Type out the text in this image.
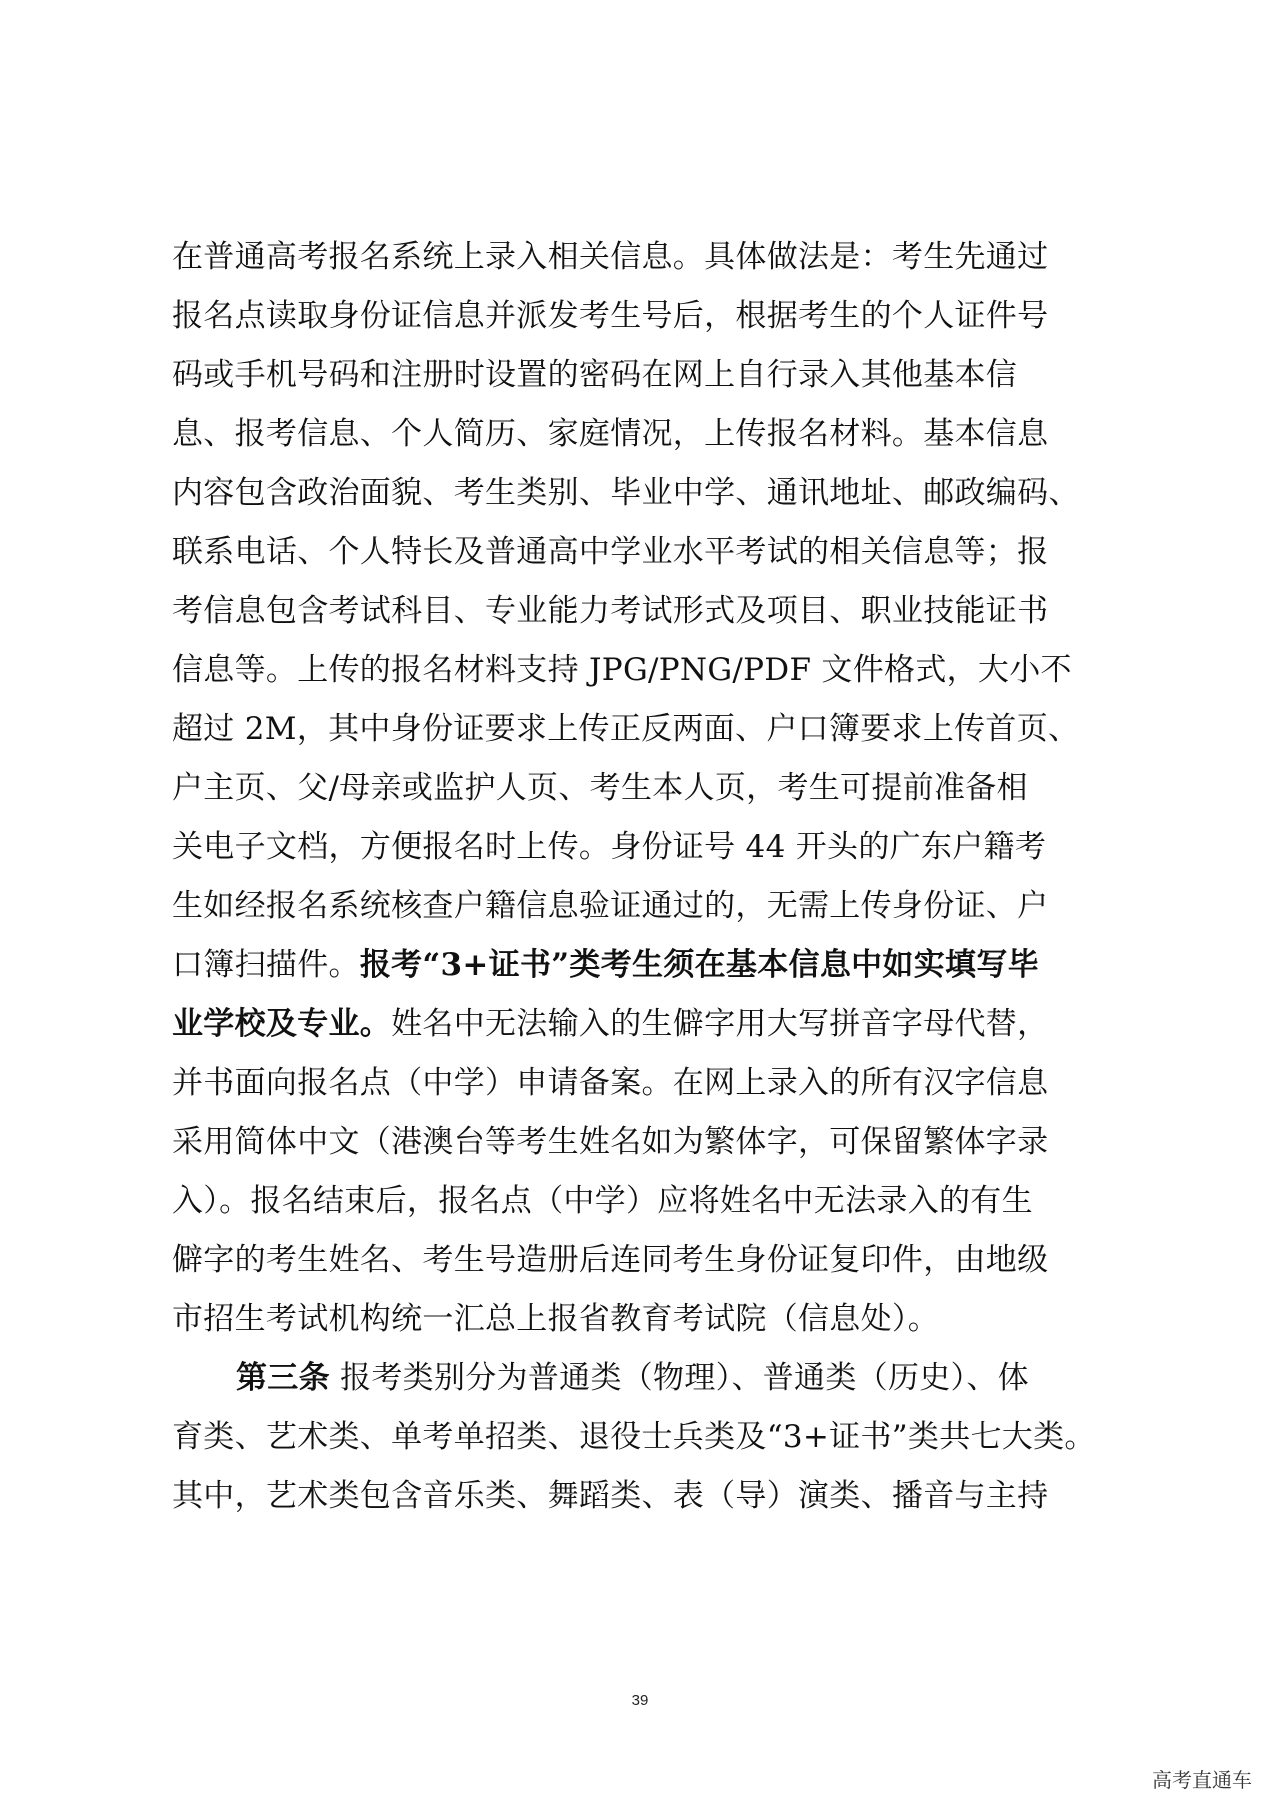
在普通高考报名系统上录入相关信息。具体做法是：考生先通过
报名点读取身份证信息并派发考生号后，根据考生的个人证件号
码或手机号码和注册时设置的密码在网上自行录入其他基本信
息、报考信息、个人简历、家庭情况，上传报名材料。基本信息
内容包含政治面貌、考生类别、毕业中学、通讯地址、邮政编码、
联系电话、个人特长及普通高中学业水平考试的相关信息等；报
考信息包含考试科目、专业能力考试形式及项目、职业技能证书
信息等。上传的报名材料支持 JPG/PNG/PDF 文件格式，大小不
超过 2M，其中身份证要求上传正反两面、户口簿要求上传首页、
户主页、父/母亲或监护人页、考生本人页，考生可提前准备相
关电子文档，方便报名时上传。身份证号 44 开头的广东户籍考
生如经报名系统核查户籍信息验证通过的，无需上传身份证、户
口簿扫描件。报考“3+证书”类考生须在基本信息中如实填写毕
业学校及专业。姓名中无法输入的生僻字用大写拼音字母代替，
并书面向报名点（中学）申请备案。在网上录入的所有汉字信息
采用简体中文（港澳台等考生姓名如为繁体字，可保留繁体字录
入）。报名结束后，报名点（中学）应将姓名中无法录入的有生
僻字的考生姓名、考生号造册后连同考生身份证复印件，由地级
市招生考试机构统一汇总上报省教育考试院（信息处）。
第三条 报考类别分为普通类（物理）、普通类（历史）、体
育类、艺术类、单考单招类、退役士兵类及“3+证书”类共七大类。
其中，艺术类包含音乐类、舞蹈类、表（导）演类、播音与主持
39
高考直通车
